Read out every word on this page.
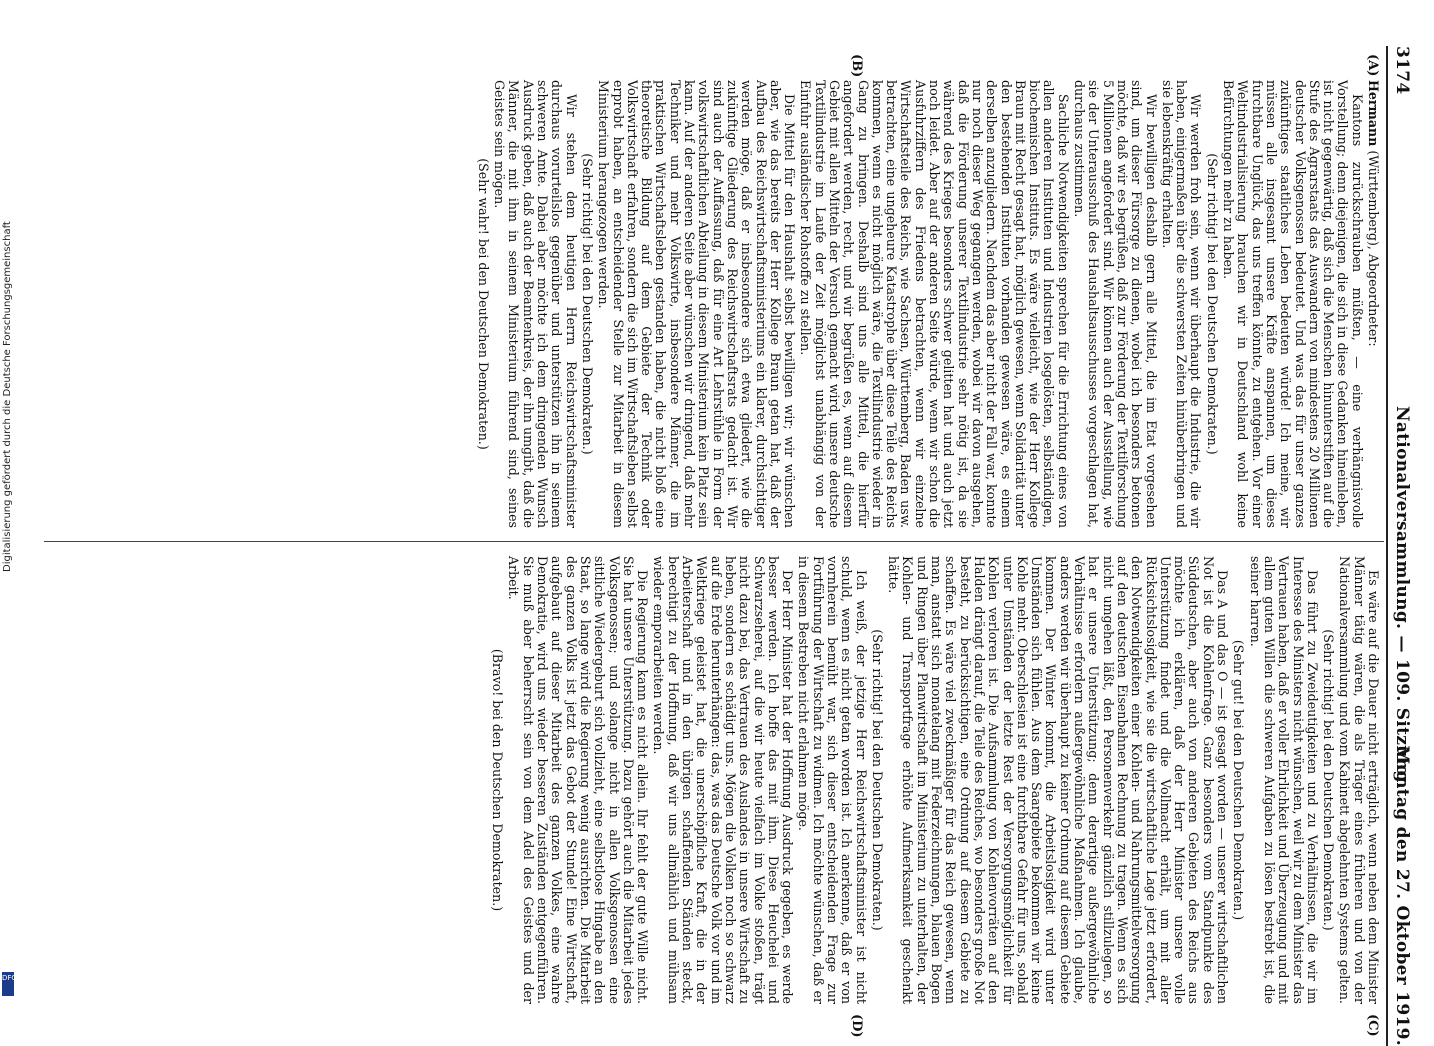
3174
Nationalversammlung. — 109. Sitzung.
Montag den 27. Oktober 1919.
(A)
(B)
(C)
(D)

Hermann (Württemberg), Abgeordneter:

Kantons zurückschrauben müßten, — eine verhängnisvolle Vorstellung; denn diejenigen, die sich in diese Gedanken hineinleben, ist nicht gegenwärtig, daß sich die Menschen hinunterstiften auf die Stufe des Agrarstaats das Auswandern von mindestens 20 Millionen deutscher Volksgenossen bedeutet. Und was das für unser ganzes zukünftiges staatliches Leben bedeuten würde! Ich meine, wir müssen alle insgesamt unsere Kräfte anspannen, um dieses furchtbare Unglück, das uns treffen könnte, zu entgehen. Vor einer Weltindustrialisierung brauchen wir in Deutschland wohl keine Befürchtungen mehr zu haben.

(Sehr richtig! bei den Deutschen Demokraten.)

Wir werden froh sein, wenn wir überhaupt die Industrie, die wir haben, einigermaßen über die schwersten Zeiten hinüberbringen und sie lebenskräftig erhalten.

Wir bewilligen deshalb gern alle Mittel, die im Etat vorgesehen sind, um dieser Fürsorge zu dienen, wobei ich besonders betonen möchte, daß wir es begrüßen, daß zur Förderung der Textilforschung 5 Millionen angefordert sind. Wir können auch der Ausstellung, wie sie der Unterausschuß des Haushaltsausschusses vorgeschlagen hat, durchaus zustimmen.

Sachliche Notwendigkeiten sprechen für die Errichtung eines von allen anderen Instituten und Industrien losgelösten, selbständigen, biochemischen Instituts. Es wäre vielleicht, wie der Herr Kollege Braun mit Recht gesagt hat, möglich gewesen, wenn Solidarität unter den bestehenden Instituten vorhanden gewesen wäre, es einem derselben anzugliedern. Nachdem das aber nicht der Fall war, konnte nur noch dieser Weg gegangen werden, wobei wir davon ausgehen, daß die Förderung unserer Textilindustrie sehr nötig ist, da sie während des Krieges besonders schwer gelitten hat und auch jetzt noch leidet. Aber auf der anderen Seite würde, wenn wir schon die Ausfuhrziffern des Friedens betrachten, wenn wir einzelne Wirtschaftsteile des Reichs, wie Sachsen, Württemberg, Baden usw. betrachten, eine ungeheure Katastrophe über diese Teile des Reichs kommen, wenn es nicht möglich wäre, die Textilindustrie wieder in Gang zu bringen. Deshalb sind uns alle Mittel, die hierfür angefordert werden, recht, und wir begrüßen es, wenn auf diesem Gebiet mit allen Mitteln der Versuch gemacht wird, unsere deutsche Textilindustrie im Laufe der Zeit möglichst unabhängig von der Einfuhr ausländischer Rohstoffe zu stellen.

Die Mittel für den Haushalt selbst bewilligen wir; wir wünschen aber, wie das bereits der Herr Kollege Braun getan hat, daß der Aufbau des Reichswirtschaftsministeriums ein klarer, durchsichtiger werden möge, daß er insbesondere sich etwa gliedert, wie die zukünftige Gliederung des Reichswirtschaftsrats gedacht ist. Wir sind auch der Auffassung, daß für eine Art Lehrstühle in Form der volkswirtschaftlichen Abteilung in diesem Ministerium kein Platz sein kann. Auf der anderen Seite aber wünschen wir dringend, daß mehr Techniker und mehr Volkswirte, insbesondere Männer, die im praktischen Wirtschaftsleben gestanden haben, die nicht bloß eine theoretische Bildung auf dem Gebiete der Technik oder Volkswirtschaft erfahren, sondern die sich im Wirtschaftsleben selbst erprobt haben, an entscheidender Stelle zur Mitarbeit in diesem Ministerium herangezogen werden.

(Sehr richtig! bei den Deutschen Demokraten.)

Wir stehen dem heutigen Herrn Reichswirtschaftsminister durchaus vorurteilslos gegenüber und unterstützen ihn in seinem schweren Amte. Dabei aber möchte ich dem dringenden Wunsch Ausdruck geben, daß auch der Beamtenkreis, der ihn umgibt, daß die Männer, die mit ihm in seinem Ministerium führend sind, seines Geistes sein mögen.

(Sehr wahr! bei den Deutschen Demokraten.)

Es wäre auf die Dauer nicht erträglich, wenn neben dem Minister Männer tätig wären, die als Träger eines früheren und von der Nationalversammlung und vom Kabinett abgelehnten Systems gelten.

(Sehr richtig! bei den Deutschen Demokraten.)

Das führt zu Zweideutigkeiten und zu Verhältnissen, die wir im Interesse des Ministers nicht wünschen, weil wir zu dem Minister das Vertrauen haben, daß er voller Ehrlichkeit und Überzeugung und mit allem guten Willen die schweren Aufgaben zu lösen bestrebt ist, die seiner harren.

(Sehr gut! bei den Deutschen Demokraten.)

Das A und das O — ist gesagt worden — unserer wirtschaftlichen Not ist die Kohlenfrage. Ganz besonders vom Standpunkte des Süddeutschen, aber auch von anderen Gebieten des Reichs aus möchte ich erklären, daß der Herr Minister unsere volle Unterstützung findet und die Vollmacht erhält, um mit aller Rücksichtslosigkeit, wie sie die wirtschaftliche Lage jetzt erfordert, den Notwendigkeiten einer Kohlen- und Nahrungsmittelversorgung auf den deutschen Eisenbahnen Rechnung zu tragen. Wenn es sich nicht umgehen läßt, den Personenverkehr gänzlich stillzulegen, so hat er unsere Unterstützung; denn derartige außergewöhnliche Verhältnisse erfordern außergewöhnliche Maßnahmen. Ich glaube, anders werden wir überhaupt zu keiner Ordnung auf diesem Gebiete kommen. Der Winter kommt, die Arbeitslosigkeit wird unter Umständen sich fühlen. Aus dem Saargebiete bekommen wir keine Kohle mehr. Oberschlesien ist eine furchtbare Gefahr für uns, sobald unter Umständen der letzte Rest der Versorgungsmöglichkeit für Kohlen verloren ist. Die Aufsammlung von Kohlenvorräten auf den Halden drängt darauf, die Teile des Reiches, wo besonders große Not besteht, zu berücksichtigen, eine Ordnung auf diesem Gebiete zu schaffen. Es wäre viel zweckmäßiger für das Reich gewesen, wenn man, anstatt sich monatelang mit Federzeichnungen, blauen Bogen und Ringen über Planwirtschaft im Ministerium zu unterhalten, der Kohlen- und Transportfrage erhöhte Aufmerksamkeit geschenkt hätte.

(Sehr richtig! bei den Deutschen Demokraten.)

Ich weiß, der jetzige Herr Reichswirtschaftsminister ist nicht schuld, wenn es nicht getan worden ist. Ich anerkenne, daß er von vornherein bemüht war, sich dieser entscheidenden Frage zur Fortführung der Wirtschaft zu widmen. Ich möchte wünschen, daß er in diesem Bestreben nicht erlahmen möge.

Der Herr Minister hat der Hoffnung Ausdruck gegeben, es werde besser werden. Ich hoffe das mit ihm. Diese Heuchelei und Schwarzseherei, auf die wir heute vielfach im Volke stoßen, trägt nicht dazu bei, das Vertrauen des Auslandes in unsere Wirtschaft zu heben, sondern es schädigt uns. Mögen die Volken noch so schwarz auf die Erde herunterhängen: das, was das Deutsche Volk vor und im Weltkriege geleistet hat, die unerschöpfliche Kraft, die in der Arbeiterschaft und in den übrigen schaffenden Ständen steckt, berechtigt zu der Hoffnung, daß wir uns allmählich und mühsam wieder emporarbeiten werden.

Die Regierung kann es nicht allein. Ihr fehlt der gute Wille nicht. Sie hat unsere Unterstützung. Dazu gehört auch die Mitarbeit jedes Volksgenossen; und solange nicht in allen Volksgenossen eine sittliche Wiedergeburt sich vollzieht, eine selbstlose Hingabe an den Staat, so lange wird die Regierung wenig ausrichten. Die Mitarbeit des ganzen Volks ist jetzt das Gebot der Stunde! Eine Wirtschaft, aufgebaut auf dieser Mitarbeit des ganzen Volkes, eine wahre Demokratie, wird uns wieder besseren Zuständen entgegenführen. Sie muß aber beherrscht sein von dem Adel des Geistes und der Arbeit.

(Bravo! bei den Deutschen Demokraten.)

Digitalisierung gefördert durch die Deutsche Forschungsgemeinschaft
DFG
